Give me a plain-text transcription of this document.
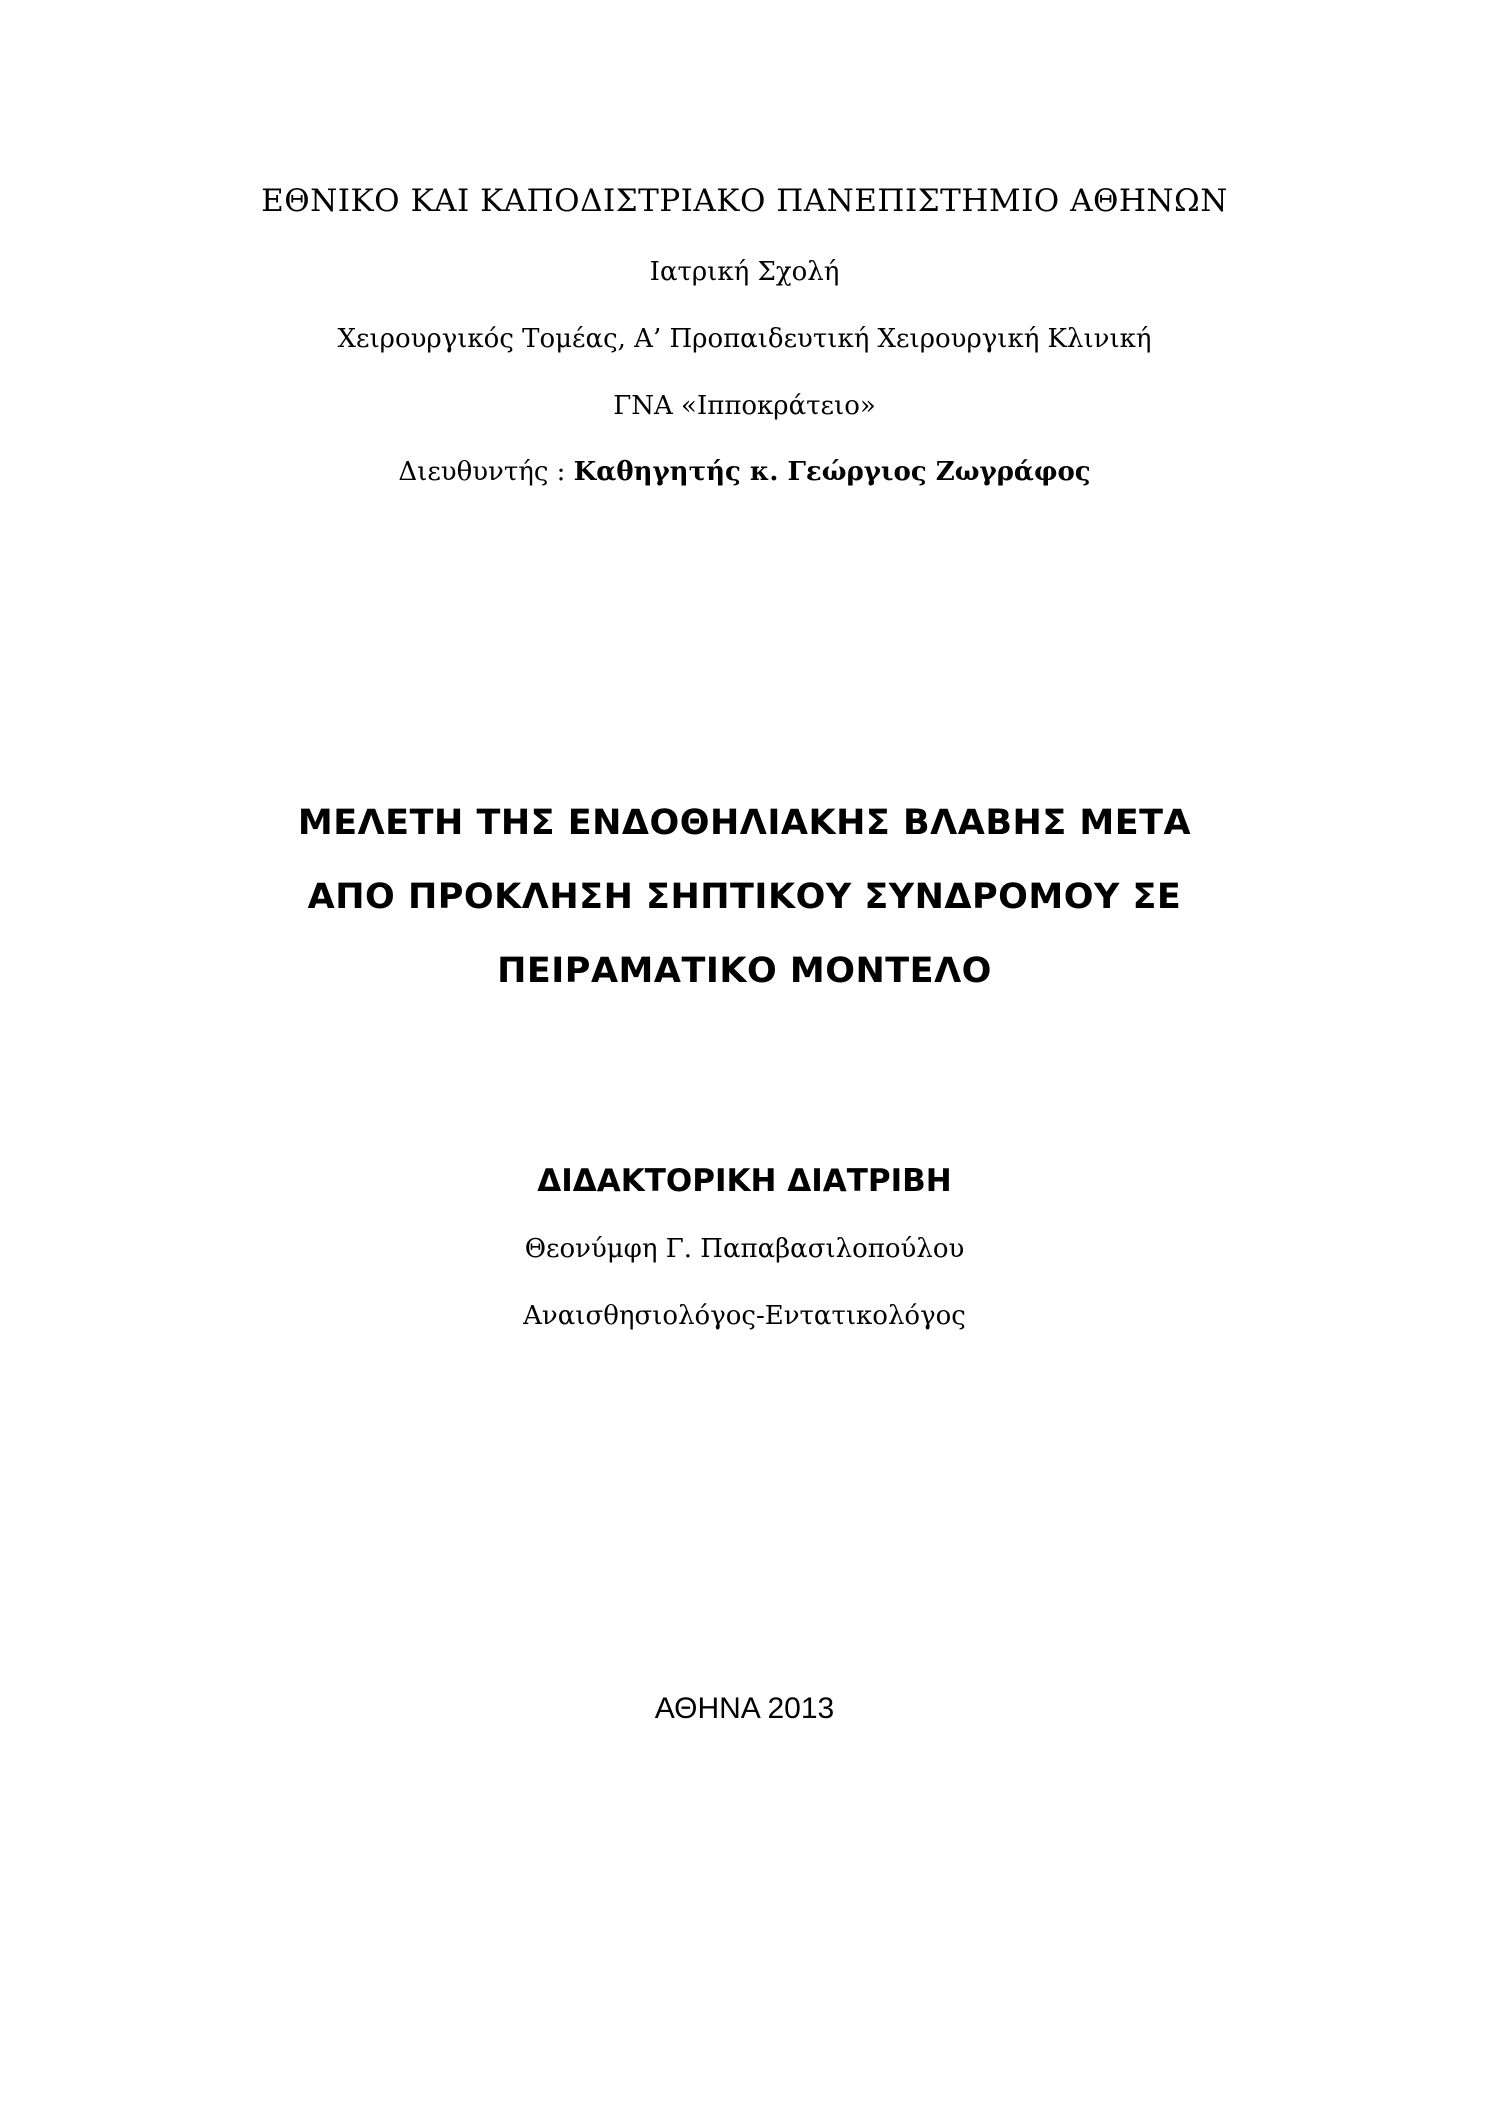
ΕΘΝΙΚΟ ΚΑΙ ΚΑΠΟΔΙΣΤΡΙΑΚΟ ΠΑΝΕΠΙΣΤΗΜΙΟ ΑΘΗΝΩΝ
Ιατρική Σχολή
Χειρουργικός Τομέας, Α’ Προπαιδευτική Χειρουργική Κλινική
ΓΝΑ «Ιπποκράτειο»
Διευθυντής : Καθηγητής κ. Γεώργιος Ζωγράφος
ΜΕΛΕΤΗ ΤΗΣ ΕΝΔΟΘΗΛΙΑΚΗΣ ΒΛΑΒΗΣ ΜΕΤΑ
ΑΠΟ ΠΡΟΚΛΗΣΗ ΣΗΠΤΙΚΟΥ ΣΥΝΔΡΟΜΟΥ ΣΕ
ΠΕΙΡΑΜΑΤΙΚΟ ΜΟΝΤΕΛΟ
ΔΙΔΑΚΤΟΡΙΚΗ ΔΙΑΤΡΙΒΗ
Θεονύμφη Γ. Παπαβασιλοπούλου
Αναισθησιολόγος-Εντατικολόγος
ΑΘΗΝΑ 2013
